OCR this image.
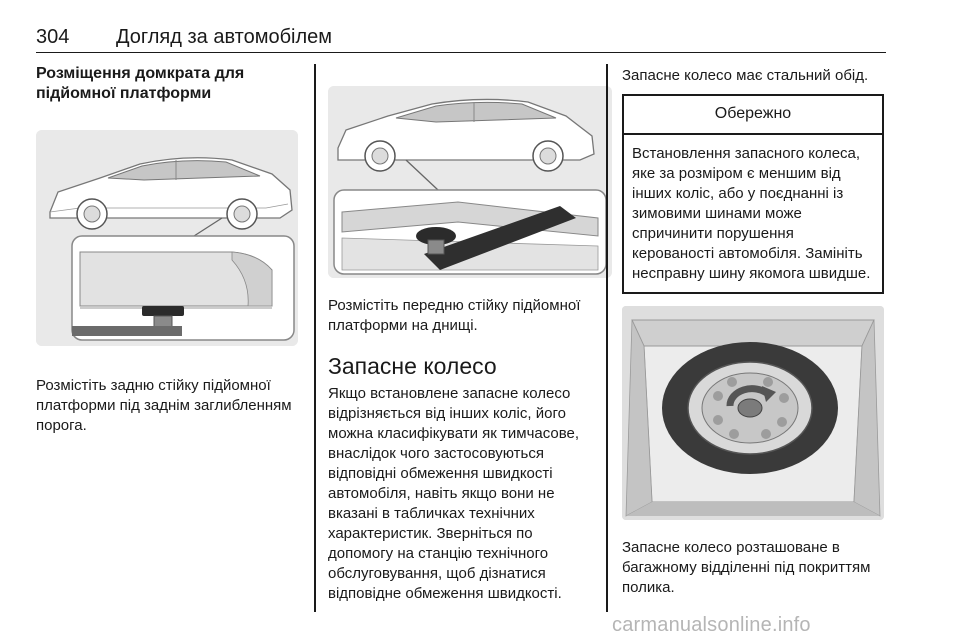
304 Догляд за автомобілем
Розміщення домкрата для підйомної платформи

Розмістіть задню стійку підйомної платформи під заднім заглибленням порога.

Розмістіть передню стійку підйомної платформи на днищі.

Запасне колесо

Якщо встановлене запасне колесо відрізняється від інших коліс, його можна класифікувати як тимчасове, внаслідок чого застосовуються відповідні обмеження швидкості автомобіля, навіть якщо вони не вказані в табличках технічних характеристик. Зверніться по допомогу на станцію технічного обслуговування, щоб дізнатися відповідне обмеження швидкості.

Запасне колесо має стальний обід.

Обережно
Встановлення запасного колеса, яке за розміром є меншим від інших коліс, або у поєднанні із зимовими шинами може спричинити порушення керованості автомобіля. Замініть несправну шину якомога швидше.

Запасне колесо розташоване в багажному відділенні під покриттям полика.

carmanualsonline.info
